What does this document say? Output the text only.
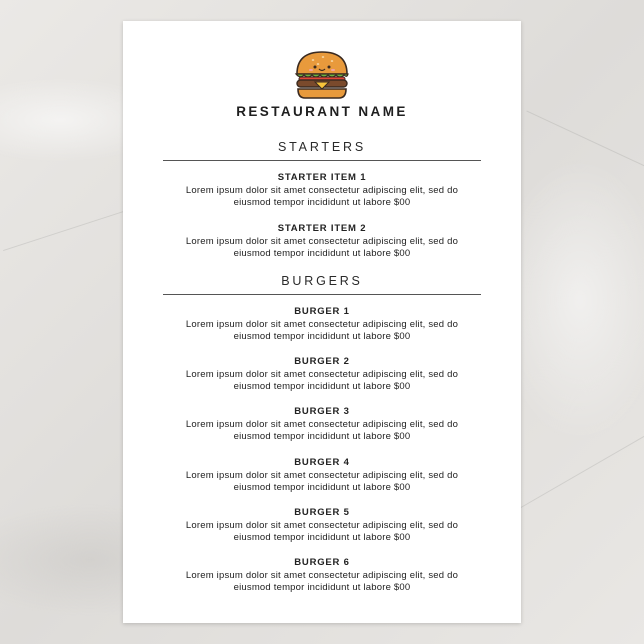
RESTAURANT NAME
STARTERS
STARTER ITEM 1
Lorem ipsum dolor sit amet consectetur adipiscing elit, sed do
eiusmod tempor incididunt ut labore $00
STARTER ITEM 2
Lorem ipsum dolor sit amet consectetur adipiscing elit, sed do
eiusmod tempor incididunt ut labore $00
BURGERS
BURGER 1
Lorem ipsum dolor sit amet consectetur adipiscing elit, sed do
eiusmod tempor incididunt ut labore $00
BURGER 2
Lorem ipsum dolor sit amet consectetur adipiscing elit, sed do
eiusmod tempor incididunt ut labore $00
BURGER 3
Lorem ipsum dolor sit amet consectetur adipiscing elit, sed do
eiusmod tempor incididunt ut labore $00
BURGER 4
Lorem ipsum dolor sit amet consectetur adipiscing elit, sed do
eiusmod tempor incididunt ut labore $00
BURGER 5
Lorem ipsum dolor sit amet consectetur adipiscing elit, sed do
eiusmod tempor incididunt ut labore $00
BURGER 6
Lorem ipsum dolor sit amet consectetur adipiscing elit, sed do
eiusmod tempor incididunt ut labore $00
